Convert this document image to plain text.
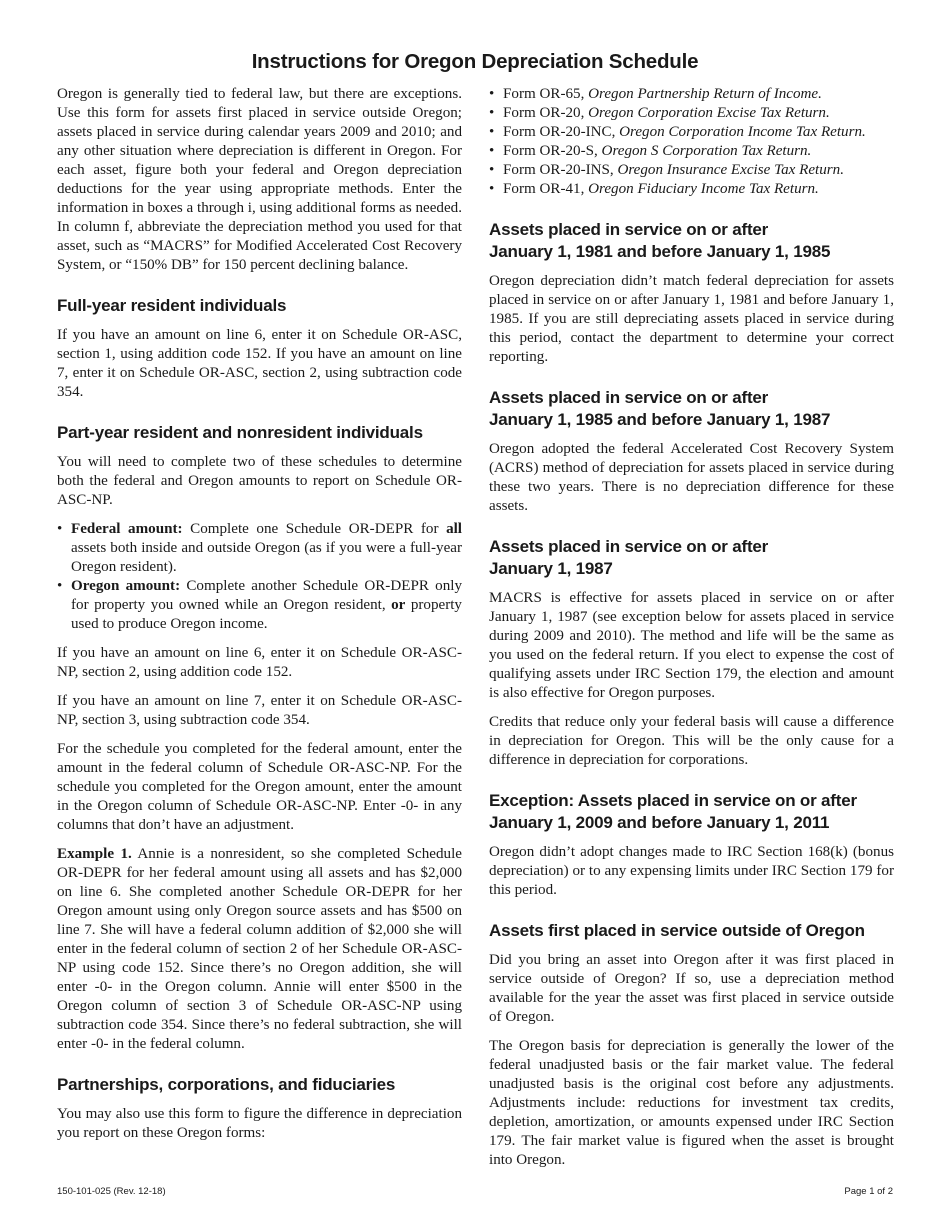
Instructions for Oregon Depreciation Schedule

Oregon is generally tied to federal law, but there are exceptions. Use this form for assets first placed in service outside Oregon; assets placed in service during calendar years 2009 and 2010; and any other situation where depreciation is different in Oregon. For each asset, figure both your federal and Oregon depreciation deductions for the year using appropriate methods. Enter the information in boxes a through i, using additional forms as needed. In column f, abbreviate the depreciation method you used for that asset, such as “MACRS” for Modified Accelerated Cost Recovery System, or “150% DB” for 150 percent declining balance.

Full-year resident individuals

If you have an amount on line 6, enter it on Schedule OR-ASC, section 1, using addition code 152. If you have an amount on line 7, enter it on Schedule OR-ASC, section 2, using subtraction code 354.

Part-year resident and nonresident individuals

You will need to complete two of these schedules to determine both the federal and Oregon amounts to report on Schedule OR-ASC-NP.

• Federal amount: Complete one Schedule OR-DEPR for all assets both inside and outside Oregon (as if you were a full-year Oregon resident).
• Oregon amount: Complete another Schedule OR-DEPR only for property you owned while an Oregon resident, or property used to produce Oregon income.

If you have an amount on line 6, enter it on Schedule OR-ASC-NP, section 2, using addition code 152.

If you have an amount on line 7, enter it on Schedule OR-ASC-NP, section 3, using subtraction code 354.

For the schedule you completed for the federal amount, enter the amount in the federal column of Schedule OR-ASC-NP. For the schedule you completed for the Oregon amount, enter the amount in the Oregon column of Schedule OR-ASC-NP. Enter -0- in any columns that don’t have an adjustment.

Example 1. Annie is a nonresident, so she completed Schedule OR-DEPR for her federal amount using all assets and has $2,000 on line 6. She completed another Schedule OR-DEPR for her Oregon amount using only Oregon source assets and has $500 on line 7. She will have a federal column addition of $2,000 she will enter in the federal column of section 2 of her Schedule OR-ASC-NP using code 152. Since there’s no Oregon addition, she will enter -0- in the Oregon column. Annie will enter $500 in the Oregon column of section 3 of Schedule OR-ASC-NP using subtraction code 354. Since there’s no federal subtraction, she will enter -0- in the federal column.

Partnerships, corporations, and fiduciaries

You may also use this form to figure the difference in depreciation you report on these Oregon forms:

• Form OR-65, Oregon Partnership Return of Income.
• Form OR-20, Oregon Corporation Excise Tax Return.
• Form OR-20-INC, Oregon Corporation Income Tax Return.
• Form OR-20-S, Oregon S Corporation Tax Return.
• Form OR-20-INS, Oregon Insurance Excise Tax Return.
• Form OR-41, Oregon Fiduciary Income Tax Return.
Assets placed in service on or after
January 1, 1981 and before January 1, 1985

Oregon depreciation didn’t match federal depreciation for assets placed in service on or after January 1, 1981 and before January 1, 1985. If you are still depreciating assets placed in service during this period, contact the department to determine your correct reporting.

Assets placed in service on or after
January 1, 1985 and before January 1, 1987

Oregon adopted the federal Accelerated Cost Recovery System (ACRS) method of depreciation for assets placed in service during these two years. There is no depreciation difference for these assets.

Assets placed in service on or after
January 1, 1987

MACRS is effective for assets placed in service on or after January 1, 1987 (see exception below for assets placed in service during 2009 and 2010). The method and life will be the same as you used on the federal return. If you elect to expense the cost of qualifying assets under IRC Section 179, the election and amount is also effective for Oregon purposes.

Credits that reduce only your federal basis will cause a difference in depreciation for Oregon. This will be the only cause for a difference in depreciation for corporations.

Exception: Assets placed in service on or after
January 1, 2009 and before January 1, 2011

Oregon didn’t adopt changes made to IRC Section 168(k) (bonus depreciation) or to any expensing limits under IRC Section 179 for this period.

Assets first placed in service outside of Oregon

Did you bring an asset into Oregon after it was first placed in service outside of Oregon? If so, use a depreciation method available for the year the asset was first placed in service outside of Oregon.

The Oregon basis for depreciation is generally the lower of the federal unadjusted basis or the fair market value. The federal unadjusted basis is the original cost before any adjustments. Adjustments include: reductions for investment tax credits, depletion, amortization, or amounts expensed under IRC Section 179. The fair market value is figured when the asset is brought into Oregon.

150-101-025 (Rev. 12-18)	Page 1 of 2
